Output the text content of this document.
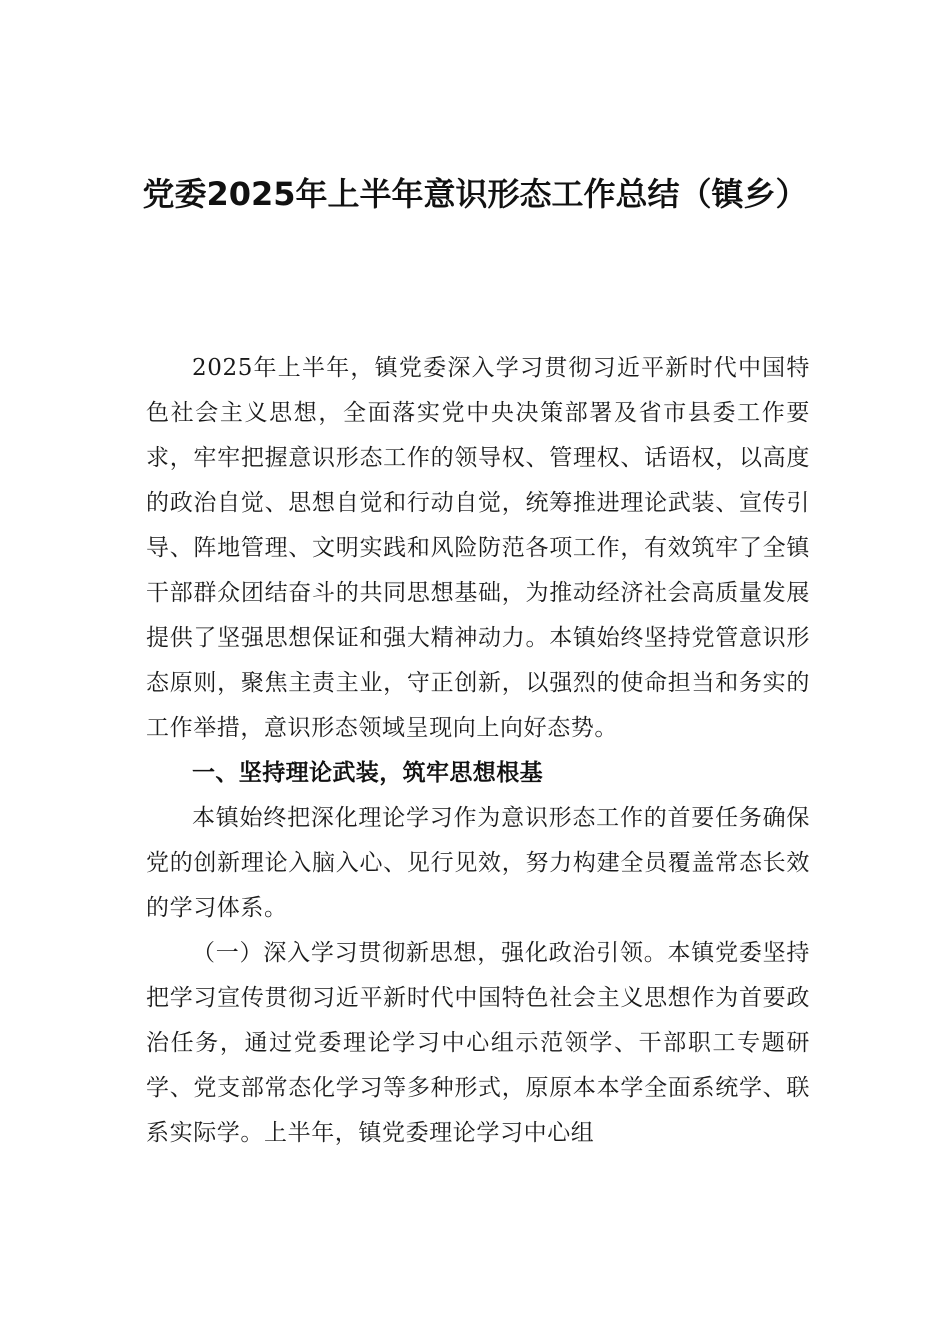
党委2025年上半年意识形态工作总结（镇乡）

2025年上半年，镇党委深入学习贯彻习近平新时代中国特色社会主义思想，全面落实党中央决策部署及省市县委工作要求，牢牢把握意识形态工作的领导权、管理权、话语权，以高度的政治自觉、思想自觉和行动自觉，统筹推进理论武装、宣传引导、阵地管理、文明实践和风险防范各项工作，有效筑牢了全镇干部群众团结奋斗的共同思想基础，为推动经济社会高质量发展提供了坚强思想保证和强大精神动力。本镇始终坚持党管意识形态原则，聚焦主责主业，守正创新，以强烈的使命担当和务实的工作举措，意识形态领域呈现向上向好态势。

一、坚持理论武装，筑牢思想根基

本镇始终把深化理论学习作为意识形态工作的首要任务确保党的创新理论入脑入心、见行见效，努力构建全员覆盖常态长效的学习体系。

（一）深入学习贯彻新思想，强化政治引领。本镇党委坚持把学习宣传贯彻习近平新时代中国特色社会主义思想作为首要政治任务，通过党委理论学习中心组示范领学、干部职工专题研学、党支部常态化学习等多种形式，原原本本学全面系统学、联系实际学。上半年，镇党委理论学习中心组
